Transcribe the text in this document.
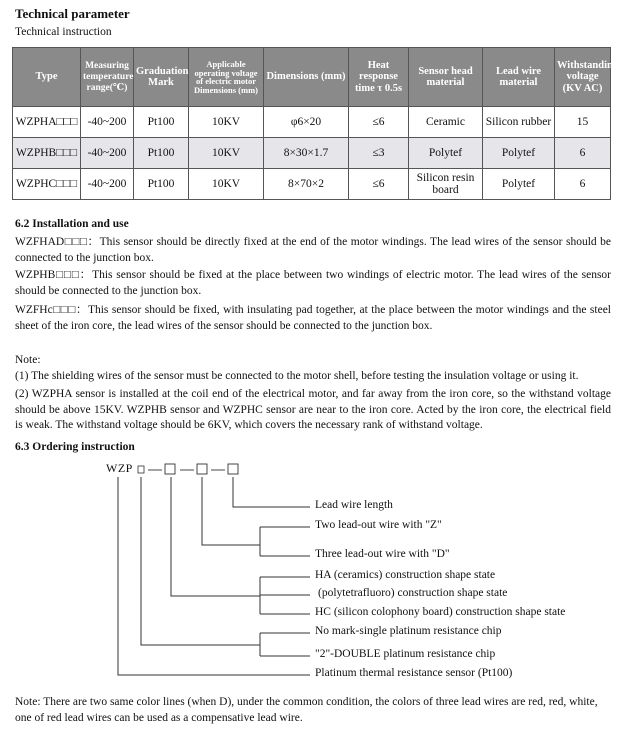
Technical parameter
Technical instruction
Type	Measuring temperature range(℃)	Graduation Mark	Applicable operating voltage of electric motor Dimensions (mm)	Dimensions (mm)	Heat response time τ 0.5s	Sensor head material	Lead wire material	Withstanding voltage (KV AC)
WZPHA□□□	-40~200	Pt100	10KV	φ6×20	≤6	Ceramic	Silicon rubber	15
WZPHB□□□	-40~200	Pt100	10KV	8×30×1.7	≤3	Polytef	Polytef	6
WZPHC□□□	-40~200	Pt100	10KV	8×70×2	≤6	Silicon resin board	Polytef	6
6.2 Installation and use
WZFHAD□□□：This sensor should be directly fixed at the end of the motor windings. The lead wires of the sensor should be connected to the junction box.
WZPHB□□□：This sensor should be fixed at the place between two windings of electric motor. The lead wires of the sensor should be connected to the junction box.
WZFHc□□□：This sensor should be fixed, with insulating pad together, at the place between the motor windings and the steel sheet of the iron core, the lead wires of the sensor should be connected to the junction box.
Note:
(1) The shielding wires of the sensor must be connected to the motor shell, before testing the insulation voltage or using it.
(2) WZPHA sensor is installed at the coil end of the electrical motor, and far away from the iron core, so the withstand voltage should be above 15KV. WZPHB sensor and WZPHC sensor are near to the iron core. Acted by the iron core, the electrical field is weak. The withstand voltage should be 6KV, which covers the necessary rank of withstand voltage.
6.3 Ordering instruction
WZP
Lead wire length
Two lead-out wire with "Z"
Three lead-out wire with "D"
HA (ceramics) construction shape state
(polytetrafluoro) construction shape state
HC (silicon colophony board) construction shape state
No mark-single platinum resistance chip
"2"-DOUBLE platinum resistance chip
Platinum thermal resistance sensor (Pt100)
Note: There are two same color lines (when D), under the common condition, the colors of three lead wires are red, red, white, one of red lead wires can be used as a compensative lead wire.
